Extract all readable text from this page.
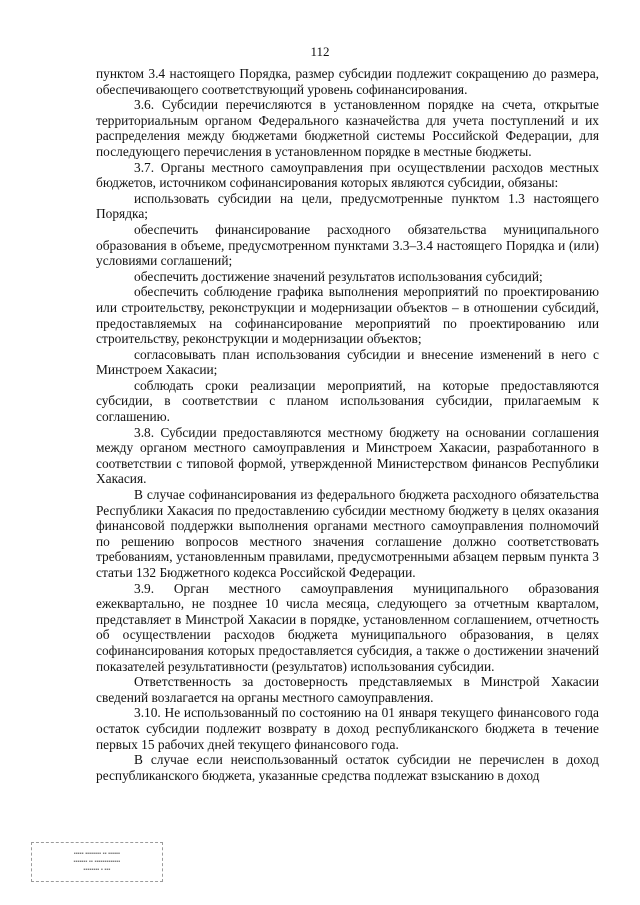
112

пунктом 3.4 настоящего Порядка, размер субсидии подлежит сокращению до размера, обеспечивающего соответствующий уровень софинансирования.

3.6. Субсидии перечисляются в установленном порядке на счета, открытые территориальным органом Федерального казначейства для учета поступлений и их распределения между бюджетами бюджетной системы Российской Федерации, для последующего перечисления в установленном порядке в местные бюджеты.

3.7. Органы местного самоуправления при осуществлении расходов местных бюджетов, источником софинансирования которых являются субсидии, обязаны:

использовать субсидии на цели, предусмотренные пунктом 1.3 настоящего Порядка;

обеспечить финансирование расходного обязательства муниципального образования в объеме, предусмотренном пунктами 3.3–3.4 настоящего Порядка и (или) условиями соглашений;

обеспечить достижение значений результатов использования субсидий;

обеспечить соблюдение графика выполнения мероприятий по проектированию или строительству, реконструкции и модернизации объектов – в отношении субсидий, предоставляемых на софинансирование мероприятий по проектированию или строительству, реконструкции и модернизации объектов;

согласовывать план использования субсидии и внесение изменений в него с Минстроем Хакасии;

соблюдать сроки реализации мероприятий, на которые предоставляются субсидии, в соответствии с планом использования субсидии, прилагаемым к соглашению.

3.8. Субсидии предоставляются местному бюджету на основании соглашения между органом местного самоуправления и Минстроем Хакасии, разработанного в соответствии с типовой формой, утвержденной Министерством финансов Республики Хакасия.

В случае софинансирования из федерального бюджета расходного обязательства Республики Хакасия по предоставлению субсидии местному бюджету в целях оказания финансовой поддержки выполнения органами местного самоуправления полномочий по решению вопросов местного значения соглашение должно соответствовать требованиям, установленным правилами, предусмотренными абзацем первым пункта 3 статьи 132 Бюджетного кодекса Российской Федерации.

3.9. Орган местного самоуправления муниципального образования ежеквартально, не позднее 10 числа месяца, следующего за отчетным кварталом, представляет в Минстрой Хакасии в порядке, установленном соглашением, отчетность об осуществлении расходов бюджета муниципального образования, в целях софинансирования которых предоставляется субсидия, а также о достижении значений показателей результативности (результатов) использования субсидии.

Ответственность за достоверность представляемых в Минстрой Хакасии сведений возлагается на органы местного самоуправления.

3.10. Не использованный по состоянию на 01 января текущего финансового года остаток субсидии подлежит возврату в доход республиканского бюджета в течение первых 15 рабочих дней текущего финансового года.

В случае если неиспользованный остаток субсидии не перечислен в доход республиканского бюджета, указанные средства подлежат взысканию в доход

▪▪▪▪▪ ▪▪▪▪▪▪▪▪ ▪▪ ▪▪▪▪▪▪
▪▪▪▪▪▪▪ ▪▪ ▪▪▪▪▪▪▪▪▪▪▪▪▪
▪▪▪▪▪▪▪▪ ▪ ▪▪▪
